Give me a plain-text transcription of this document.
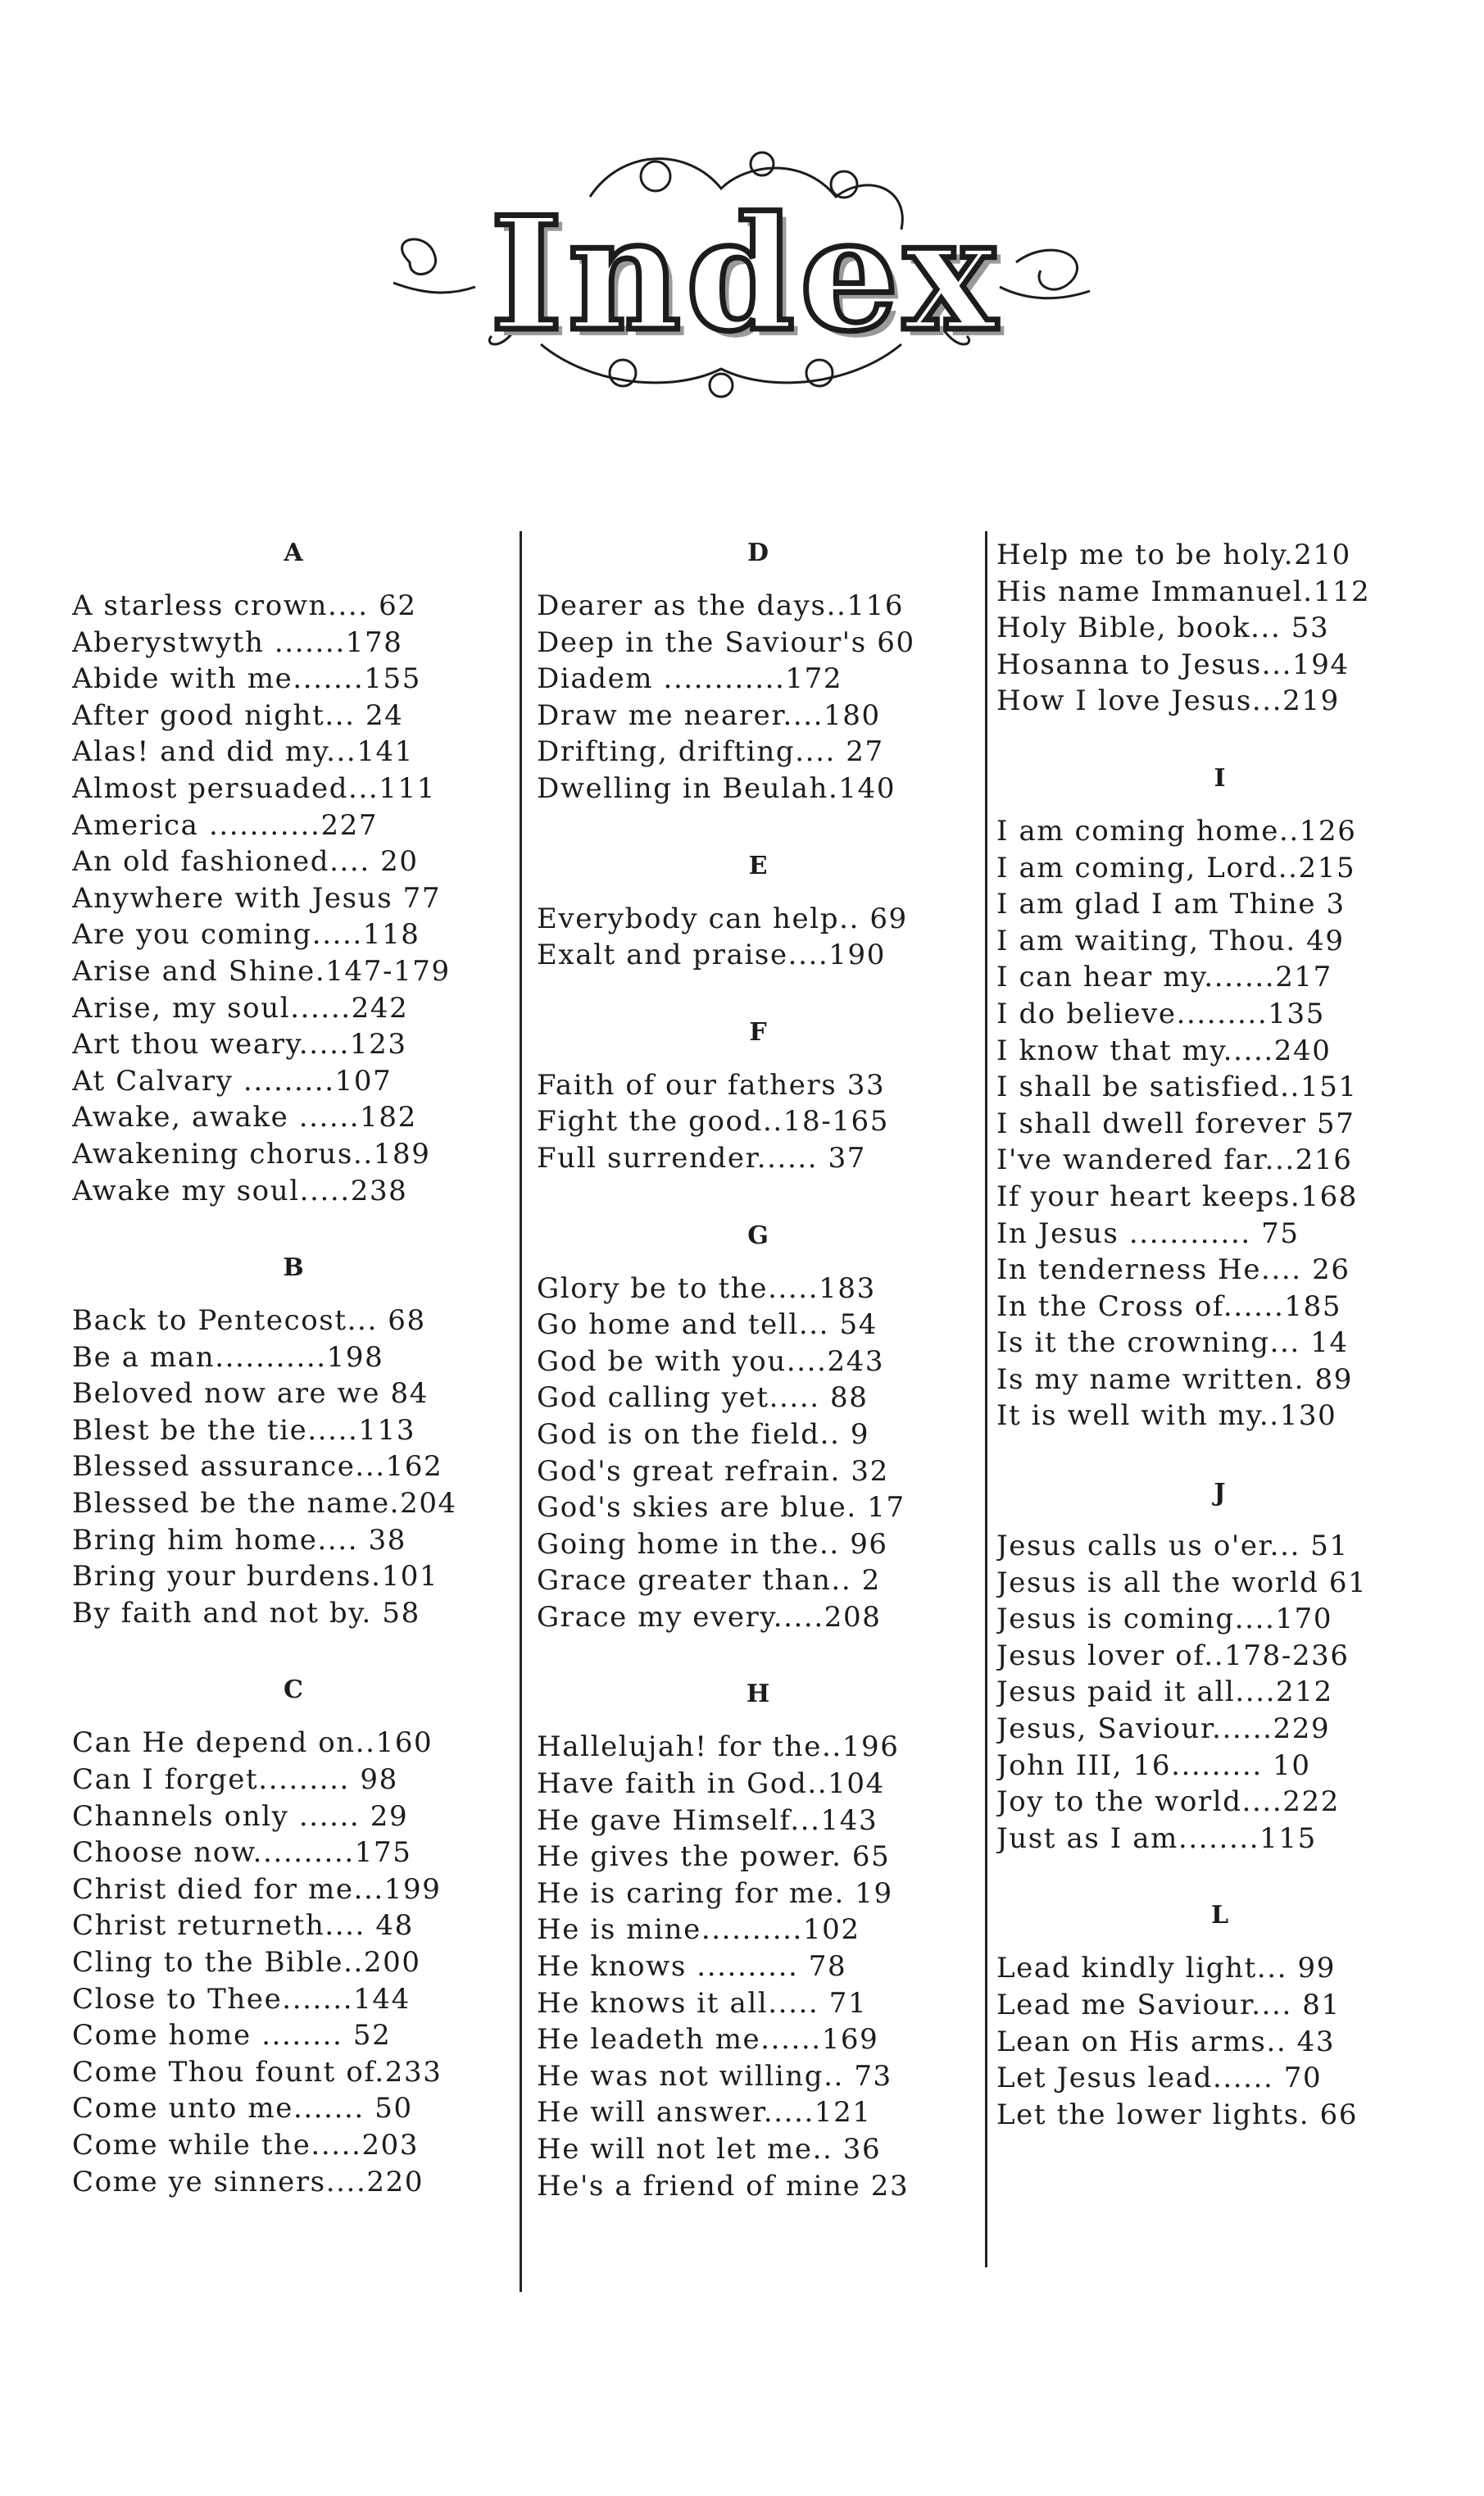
Index
A
A starless crown.... 62
Aberystwyth .......178
Abide with me.......155
After good night... 24
Alas! and did my...141
Almost persuaded...111
America ...........227
An old fashioned.... 20
Anywhere with Jesus 77
Are you coming.....118
Arise and Shine.147-179
Arise, my soul......242
Art thou weary.....123
At Calvary .........107
Awake, awake ......182
Awakening chorus..189
Awake my soul.....238
B
Back to Pentecost... 68
Be a man...........198
Beloved now are we 84
Blest be the tie.....113
Blessed assurance...162
Blessed be the name.204
Bring him home.... 38
Bring your burdens.101
By faith and not by. 58
C
Can He depend on..160
Can I forget......... 98
Channels only ...... 29
Choose now..........175
Christ died for me...199
Christ returneth.... 48
Cling to the Bible..200
Close to Thee.......144
Come home ........ 52
Come Thou fount of.233
Come unto me....... 50
Come while the.....203
Come ye sinners....220
D
Dearer as the days..116
Deep in the Saviour's 60
Diadem ............172
Draw me nearer....180
Drifting, drifting.... 27
Dwelling in Beulah.140
E
Everybody can help.. 69
Exalt and praise....190
F
Faith of our fathers 33
Fight the good..18-165
Full surrender...... 37
G
Glory be to the.....183
Go home and tell... 54
God be with you....243
God calling yet..... 88
God is on the field.. 9
God's great refrain. 32
God's skies are blue. 17
Going home in the.. 96
Grace greater than.. 2
Grace my every.....208
H
Hallelujah! for the..196
Have faith in God..104
He gave Himself...143
He gives the power. 65
He is caring for me. 19
He is mine..........102
He knows .......... 78
He knows it all..... 71
He leadeth me......169
He was not willing.. 73
He will answer.....121
He will not let me.. 36
He's a friend of mine 23
Help me to be holy.210
His name Immanuel.112
Holy Bible, book... 53
Hosanna to Jesus...194
How I love Jesus...219
I
I am coming home..126
I am coming, Lord..215
I am glad I am Thine 3
I am waiting, Thou. 49
I can hear my.......217
I do believe.........135
I know that my.....240
I shall be satisfied..151
I shall dwell forever 57
I've wandered far...216
If your heart keeps.168
In Jesus ............ 75
In tenderness He.... 26
In the Cross of......185
Is it the crowning... 14
Is my name written. 89
It is well with my..130
J
Jesus calls us o'er... 51
Jesus is all the world 61
Jesus is coming....170
Jesus lover of..178-236
Jesus paid it all....212
Jesus, Saviour......229
John III, 16......... 10
Joy to the world....222
Just as I am........115
L
Lead kindly light... 99
Lead me Saviour.... 81
Lean on His arms.. 43
Let Jesus lead...... 70
Let the lower lights. 66
